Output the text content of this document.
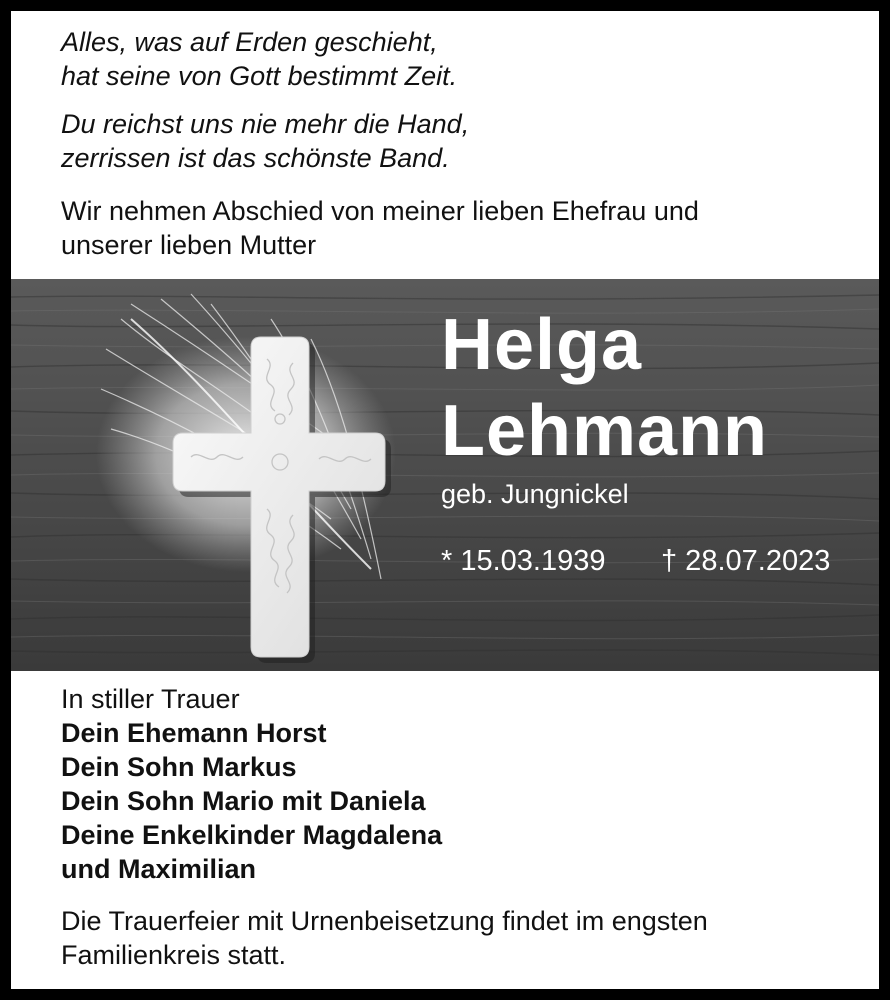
Alles, was auf Erden geschieht,
hat seine von Gott bestimmt Zeit.
Du reichst uns nie mehr die Hand,
zerrissen ist das schönste Band.
Wir nehmen Abschied von meiner lieben Ehefrau und
unserer lieben Mutter
Helga
Lehmann
geb. Jungnickel
* 15.03.1939 † 28.07.2023
In stiller Trauer
Dein Ehemann Horst
Dein Sohn Markus
Dein Sohn Mario mit Daniela
Deine Enkelkinder Magdalena
und Maximilian
Die Trauerfeier mit Urnenbeisetzung findet im engsten
Familienkreis statt.
